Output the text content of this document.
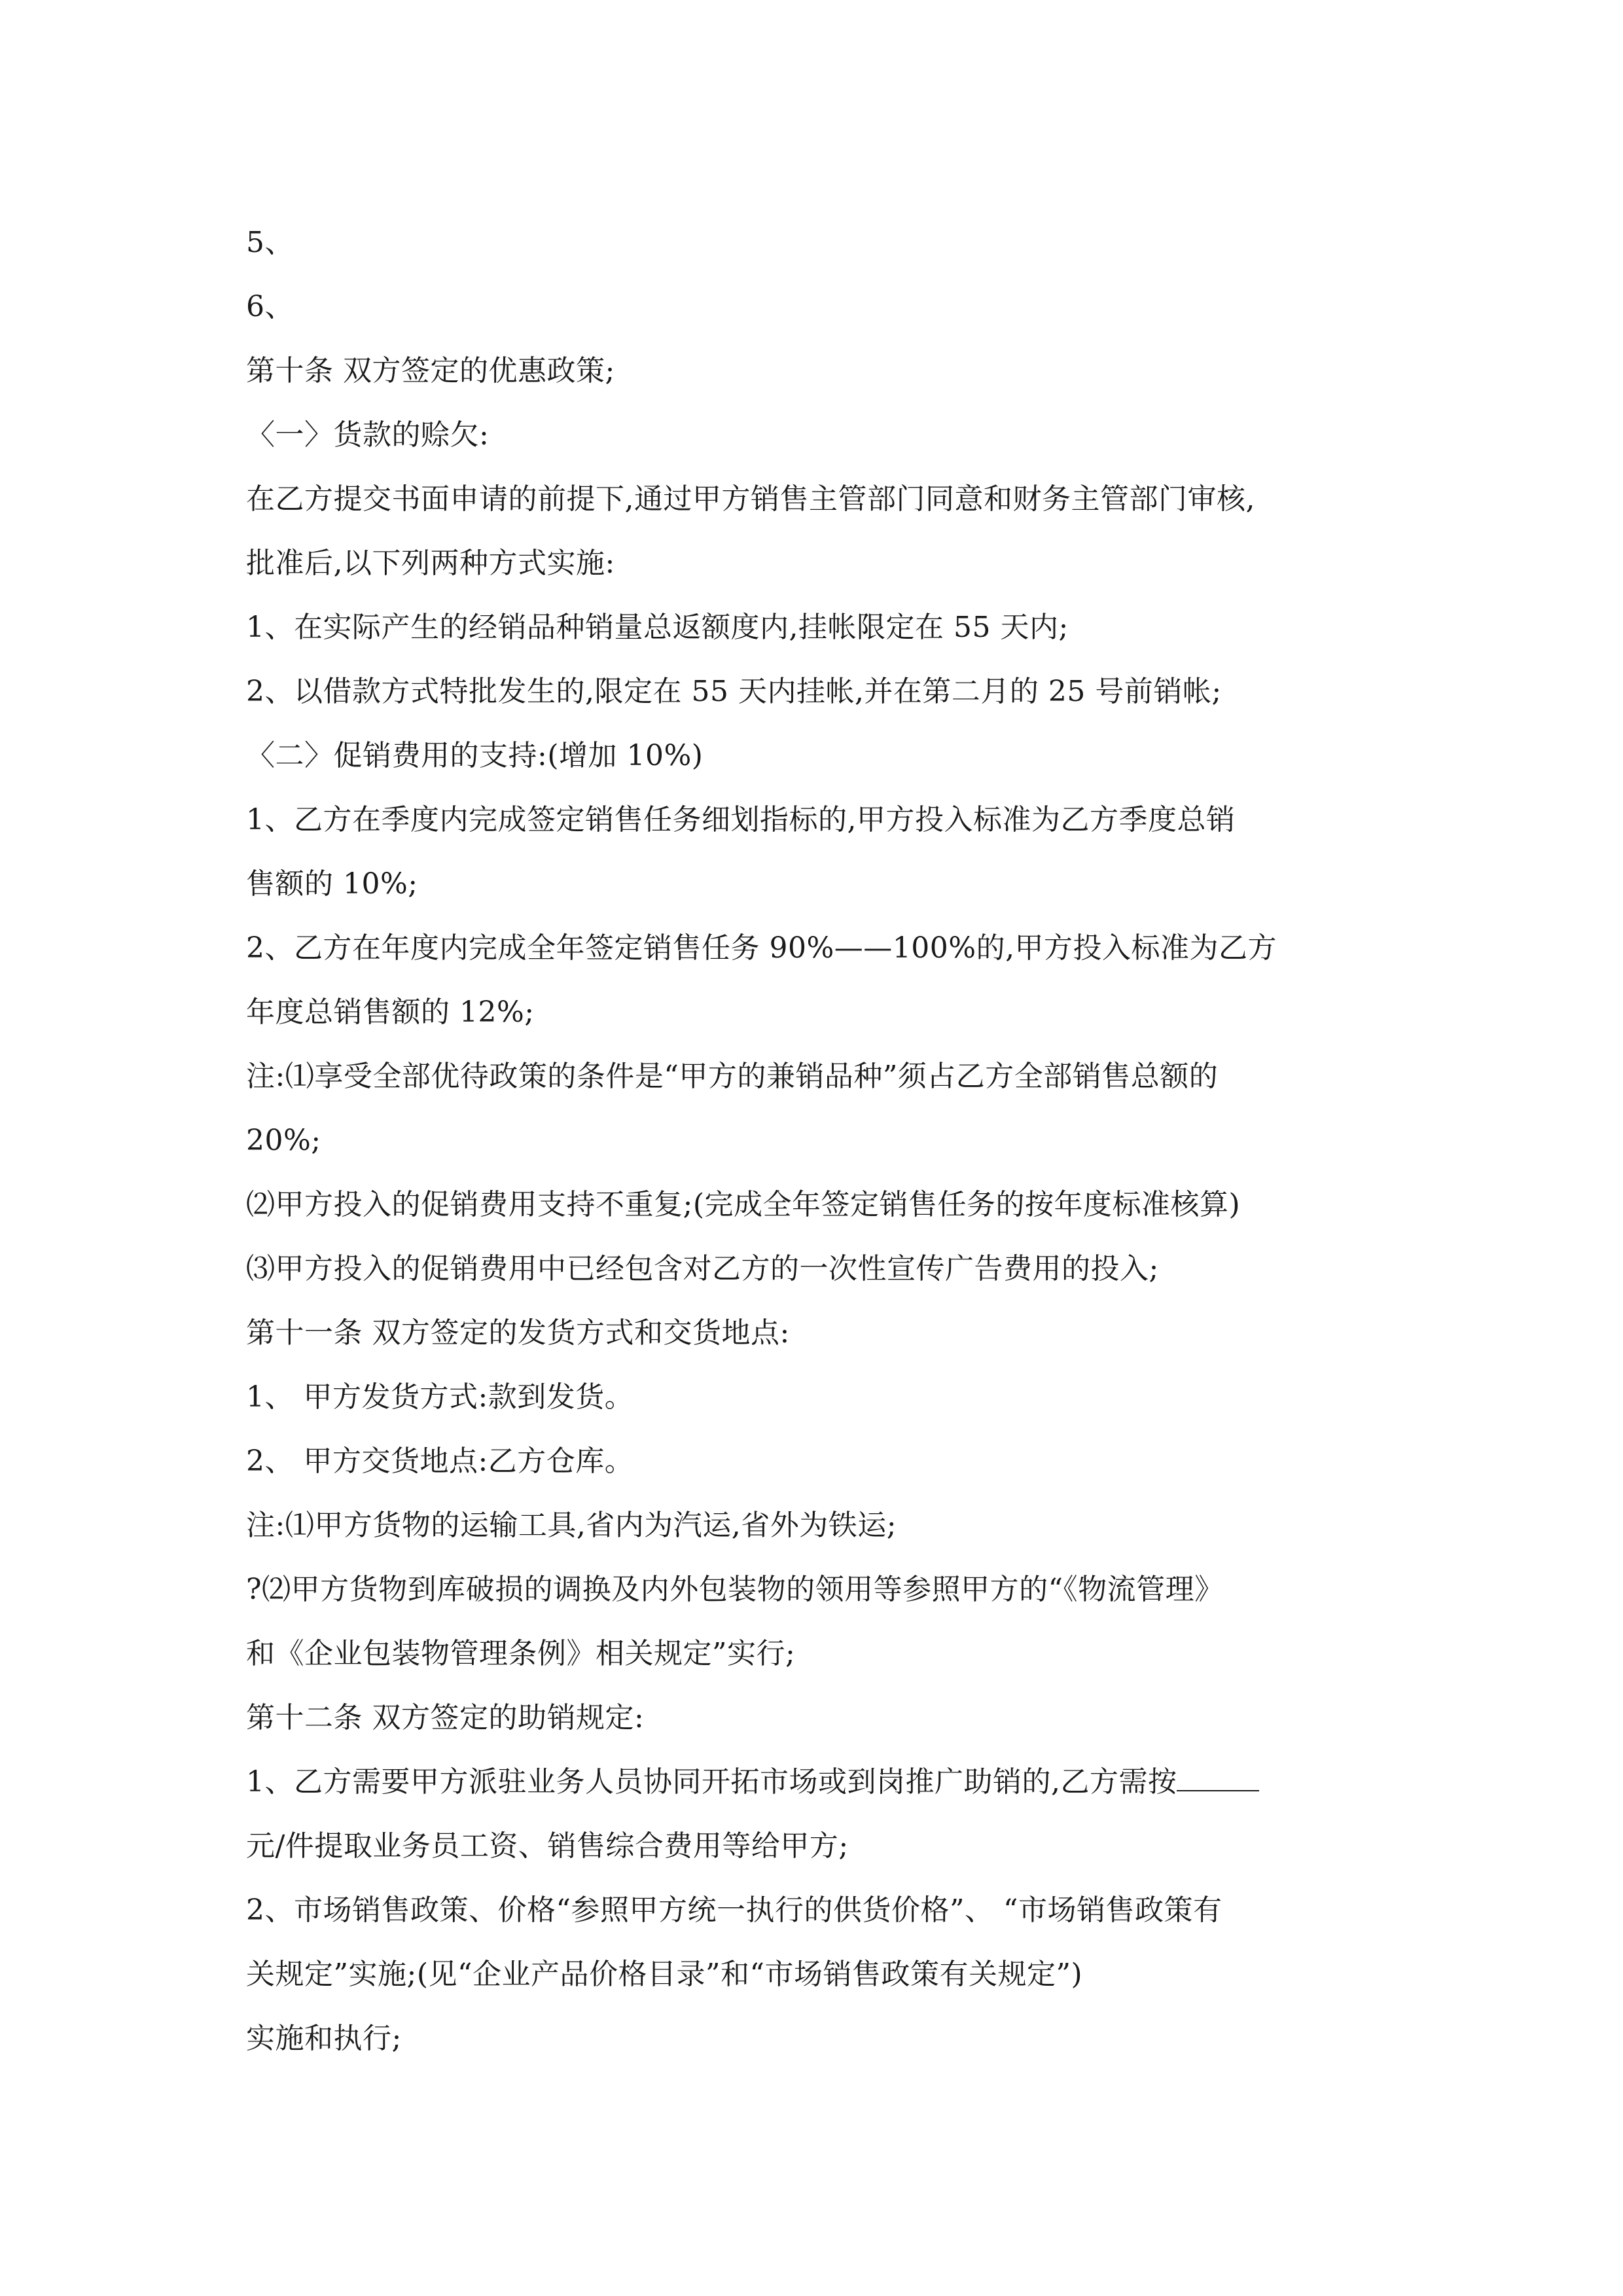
5、
6、
第十条 双方签定的优惠政策;
〈一〉货款的赊欠:
在乙方提交书面申请的前提下,通过甲方销售主管部门同意和财务主管部门审核,
批准后,以下列两种方式实施:
1、在实际产生的经销品种销量总返额度内,挂帐限定在 55 天内;
2、以借款方式特批发生的,限定在 55 天内挂帐,并在第二月的 25 号前销帐;
〈二〉促销费用的支持:(增加 10%)
1、乙方在季度内完成签定销售任务细划指标的,甲方投入标准为乙方季度总销
售额的 10%;
2、乙方在年度内完成全年签定销售任务 90%——100%的,甲方投入标准为乙方
年度总销售额的 12%;
注:⑴享受全部优待政策的条件是“甲方的兼销品种”须占乙方全部销售总额的
20%;
⑵甲方投入的促销费用支持不重复;(完成全年签定销售任务的按年度标准核算)
⑶甲方投入的促销费用中已经包含对乙方的一次性宣传广告费用的投入;
第十一条 双方签定的发货方式和交货地点:
1、 甲方发货方式:款到发货。
2、 甲方交货地点:乙方仓库。
注:⑴甲方货物的运输工具,省内为汽运,省外为铁运;
?⑵甲方货物到库破损的调换及内外包装物的领用等参照甲方的“《物流管理》
和《企业包装物管理条例》相关规定”实行;
第十二条 双方签定的助销规定:
1、乙方需要甲方派驻业务人员协同开拓市场或到岗推广助销的,乙方需按
元/件提取业务员工资、销售综合费用等给甲方;
2、市场销售政策、价格“参照甲方统一执行的供货价格”、 “市场销售政策有
关规定”实施;(见“企业产品价格目录”和“市场销售政策有关规定”)
实施和执行;
